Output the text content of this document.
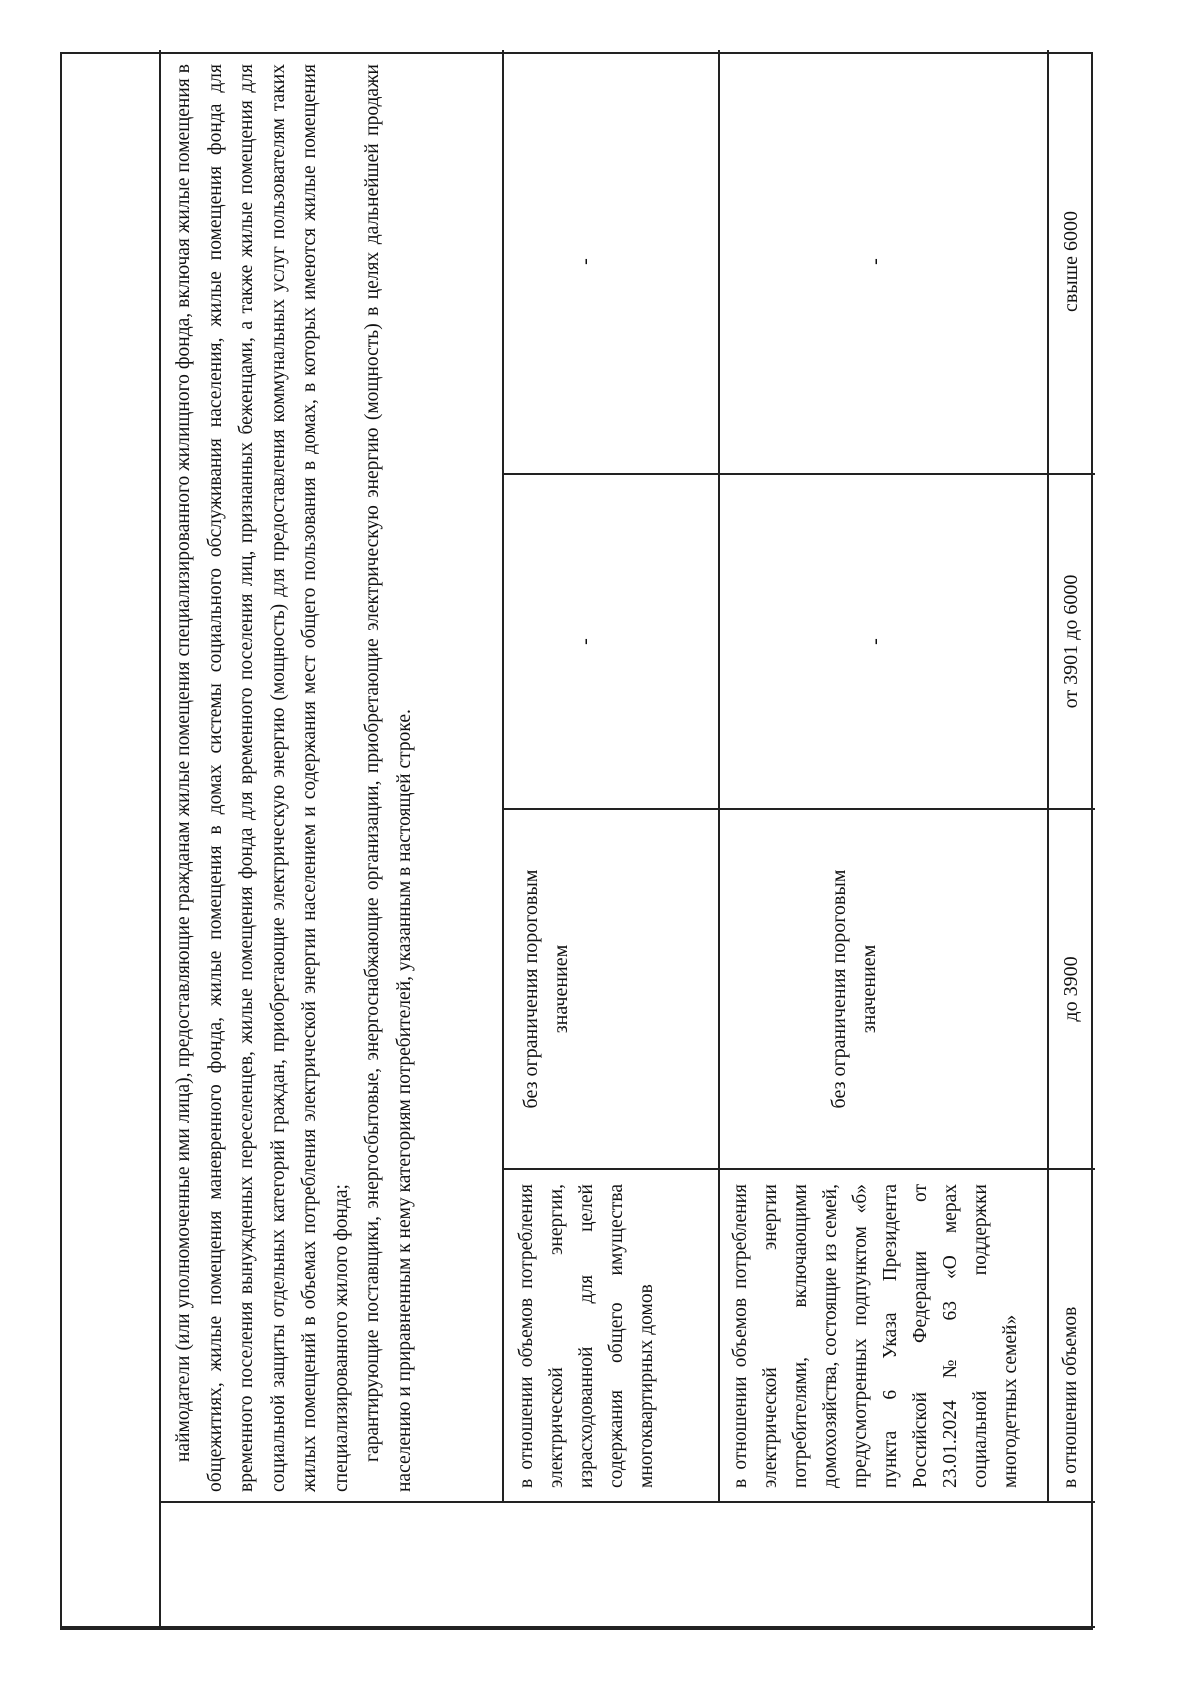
наймодатели (или уполномоченные ими лица), предоставляющие гражданам жилые помещения специализированного жилищного фонда, включая жилые помещения в общежитиях, жилые помещения маневренного фонда, жилые помещения в домах системы социального обслуживания населения, жилые помещения фонда для временного поселения вынужденных переселенцев, жилые помещения фонда для временного поселения лиц, признанных беженцами, а также жилые помещения для социальной защиты отдельных категорий граждан, приобретающие электрическую энергию (мощность) для предоставления коммунальных услуг пользователям таких жилых помещений в объемах потребления электрической энергии населением и содержания мест общего пользования в домах, в которых имеются жилые помещения специализированного жилого фонда; гарантирующие поставщики, энергосбытовые, энергоснабжающие организации, приобретающие электрическую энергию (мощность) в целях дальнейшей продажи населению и приравненным к нему категориям потребителей, указанным в настоящей строке.	в отношении объемов потребления электрической энергии, израсходованной для целей содержания общего имущества многоквартирных домов

без ограничения пороговым значением

-

-

в отношении объемов потребления электрической энергии потребителями, включающими домохозяйства, состоящие из семей, предусмотренных подпунктом «б» пункта 6 Указа Президента Российской Федерации от 23.01.2024 № 63 «О мерах социальной поддержки многодетных семей»

без ограничения пороговым значением

-

-

в отношении объемов

до 3900

от 3901 до 6000

свыше 6000
